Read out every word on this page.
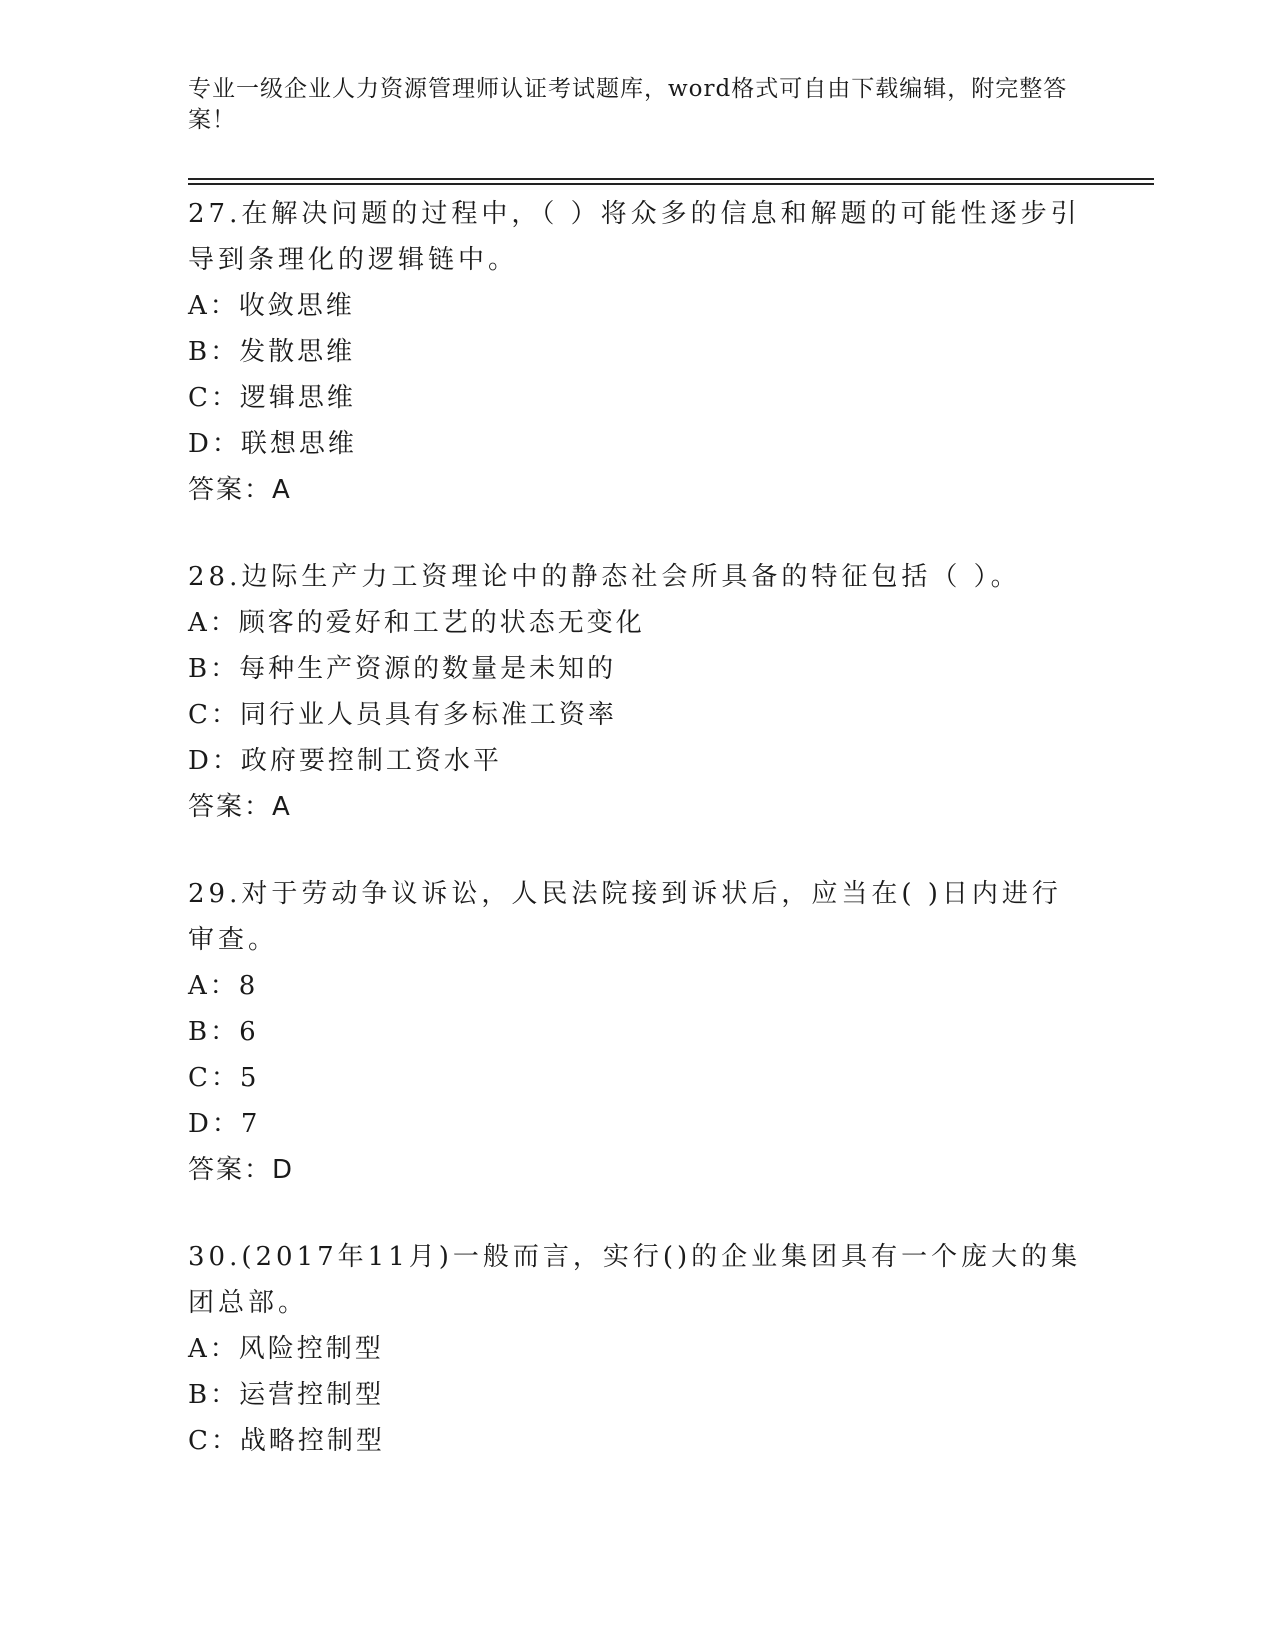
专业一级企业人力资源管理师认证考试题库，word格式可自由下载编辑，附完整答案！
27.在解决问题的过程中，（ ）将众多的信息和解题的可能性逐步引导到条理化的逻辑链中。
A：收敛思维
B：发散思维
C：逻辑思维
D：联想思维
答案：A
28.边际生产力工资理论中的静态社会所具备的特征包括（ ）。
A：顾客的爱好和工艺的状态无变化
B：每种生产资源的数量是未知的
C：同行业人员具有多标准工资率
D：政府要控制工资水平
答案：A
29.对于劳动争议诉讼，人民法院接到诉状后，应当在( )日内进行审查。
A：8
B：6
C：5
D：7
答案：D
30.(2017年11月)一般而言，实行()的企业集团具有一个庞大的集团总部。
A：风险控制型
B：运营控制型
C：战略控制型
